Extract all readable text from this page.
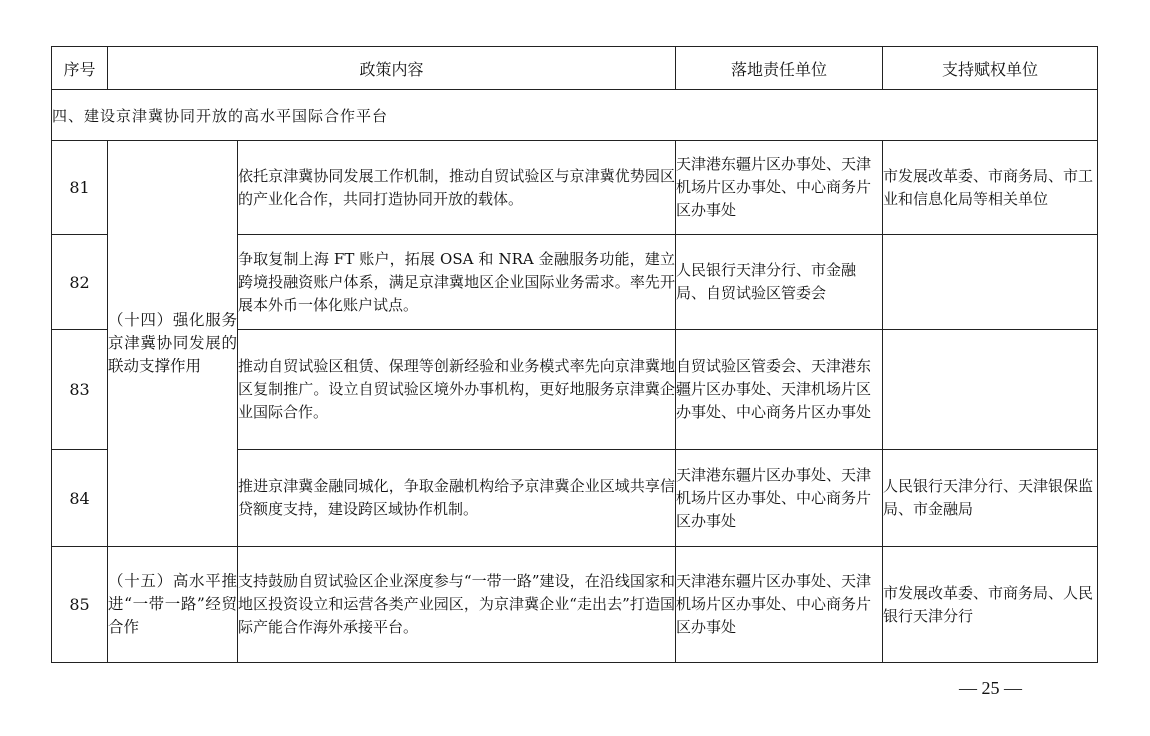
序号	政策内容		落地责任单位	支持赋权单位
四、建设京津冀协同开放的高水平国际合作平台				
81	（十四）强化服务京津冀协同发展的联动支撑作用	依托京津冀协同发展工作机制，推动自贸试验区与京津冀优势园区的产业化合作，共同打造协同开放的载体。	天津港东疆片区办事处、天津机场片区办事处、中心商务片区办事处	市发展改革委、市商务局、市工业和信息化局等相关单位
82		争取复制上海 FT 账户，拓展 OSA 和 NRA 金融服务功能，建立跨境投融资账户体系，满足京津冀地区企业国际业务需求。率先开展本外币一体化账户试点。	人民银行天津分行、市金融局、自贸试验区管委会	
83		推动自贸试验区租赁、保理等创新经验和业务模式率先向京津冀地区复制推广。设立自贸试验区境外办事机构，更好地服务京津冀企业国际合作。	自贸试验区管委会、天津港东疆片区办事处、天津机场片区办事处、中心商务片区办事处	
84		推进京津冀金融同城化，争取金融机构给予京津冀企业区域共享信贷额度支持，建设跨区域协作机制。	天津港东疆片区办事处、天津机场片区办事处、中心商务片区办事处	人民银行天津分行、天津银保监局、市金融局
85	（十五）高水平推进“一带一路”经贸合作	支持鼓励自贸试验区企业深度参与“一带一路”建设，在沿线国家和地区投资设立和运营各类产业园区，为京津冀企业“走出去”打造国际产能合作海外承接平台。	天津港东疆片区办事处、天津机场片区办事处、中心商务片区办事处	市发展改革委、市商务局、人民银行天津分行
— 25 —
